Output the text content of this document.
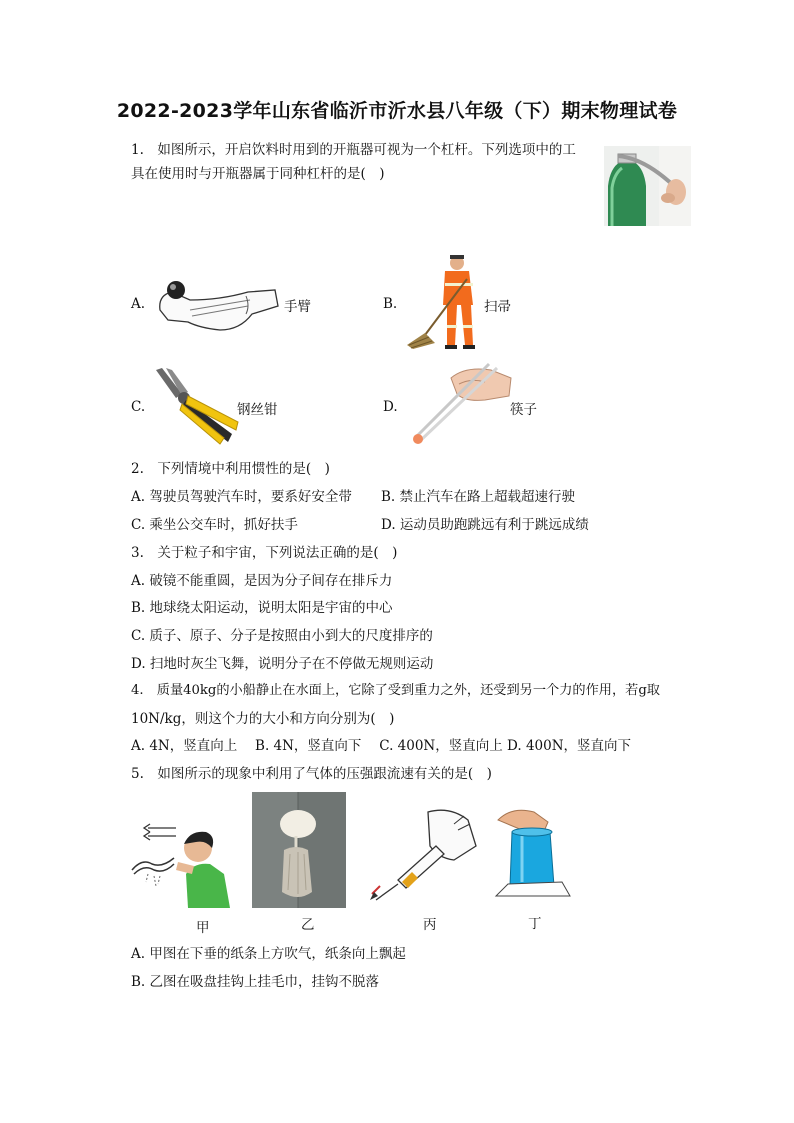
2022-2023学年山东省临沂市沂水县八年级（下）期末物理试卷
1.　如图所示，开启饮料时用到的开瓶器可视为一个杠杆。下列选项中的工
具在使用时与开瓶器属于同种杠杆的是(　)
A.	手臂	B.	扫帚
C.	钢丝钳	D.	筷子
2.　下列情境中利用惯性的是(　)
A. 驾驶员驾驶汽车时，要系好安全带 B. 禁止汽车在路上超载超速行驶
C. 乘坐公交车时，抓好扶手	D. 运动员助跑跳远有利于跳远成绩
3.　关于粒子和宇宙，下列说法正确的是(　)
A. 破镜不能重圆，是因为分子间存在排斥力
B. 地球绕太阳运动，说明太阳是宇宙的中心
C. 质子、原子、分子是按照由小到大的尺度排序的
D. 扫地时灰尘飞舞，说明分子在不停做无规则运动
4.　质量40kg的小船静止在水面上，它除了受到重力之外，还受到另一个力的作用，若g取
10N/kg，则这个力的大小和方向分别为(　)
A. 4N，竖直向上　 B. 4N，竖直向下　 C. 400N，竖直向上 D. 400N，竖直向下
5.　如图所示的现象中利用了气体的压强跟流速有关的是(　)
甲	乙	丙	丁
A. 甲图在下垂的纸条上方吹气，纸条向上飘起
B. 乙图在吸盘挂钩上挂毛巾，挂钩不脱落
